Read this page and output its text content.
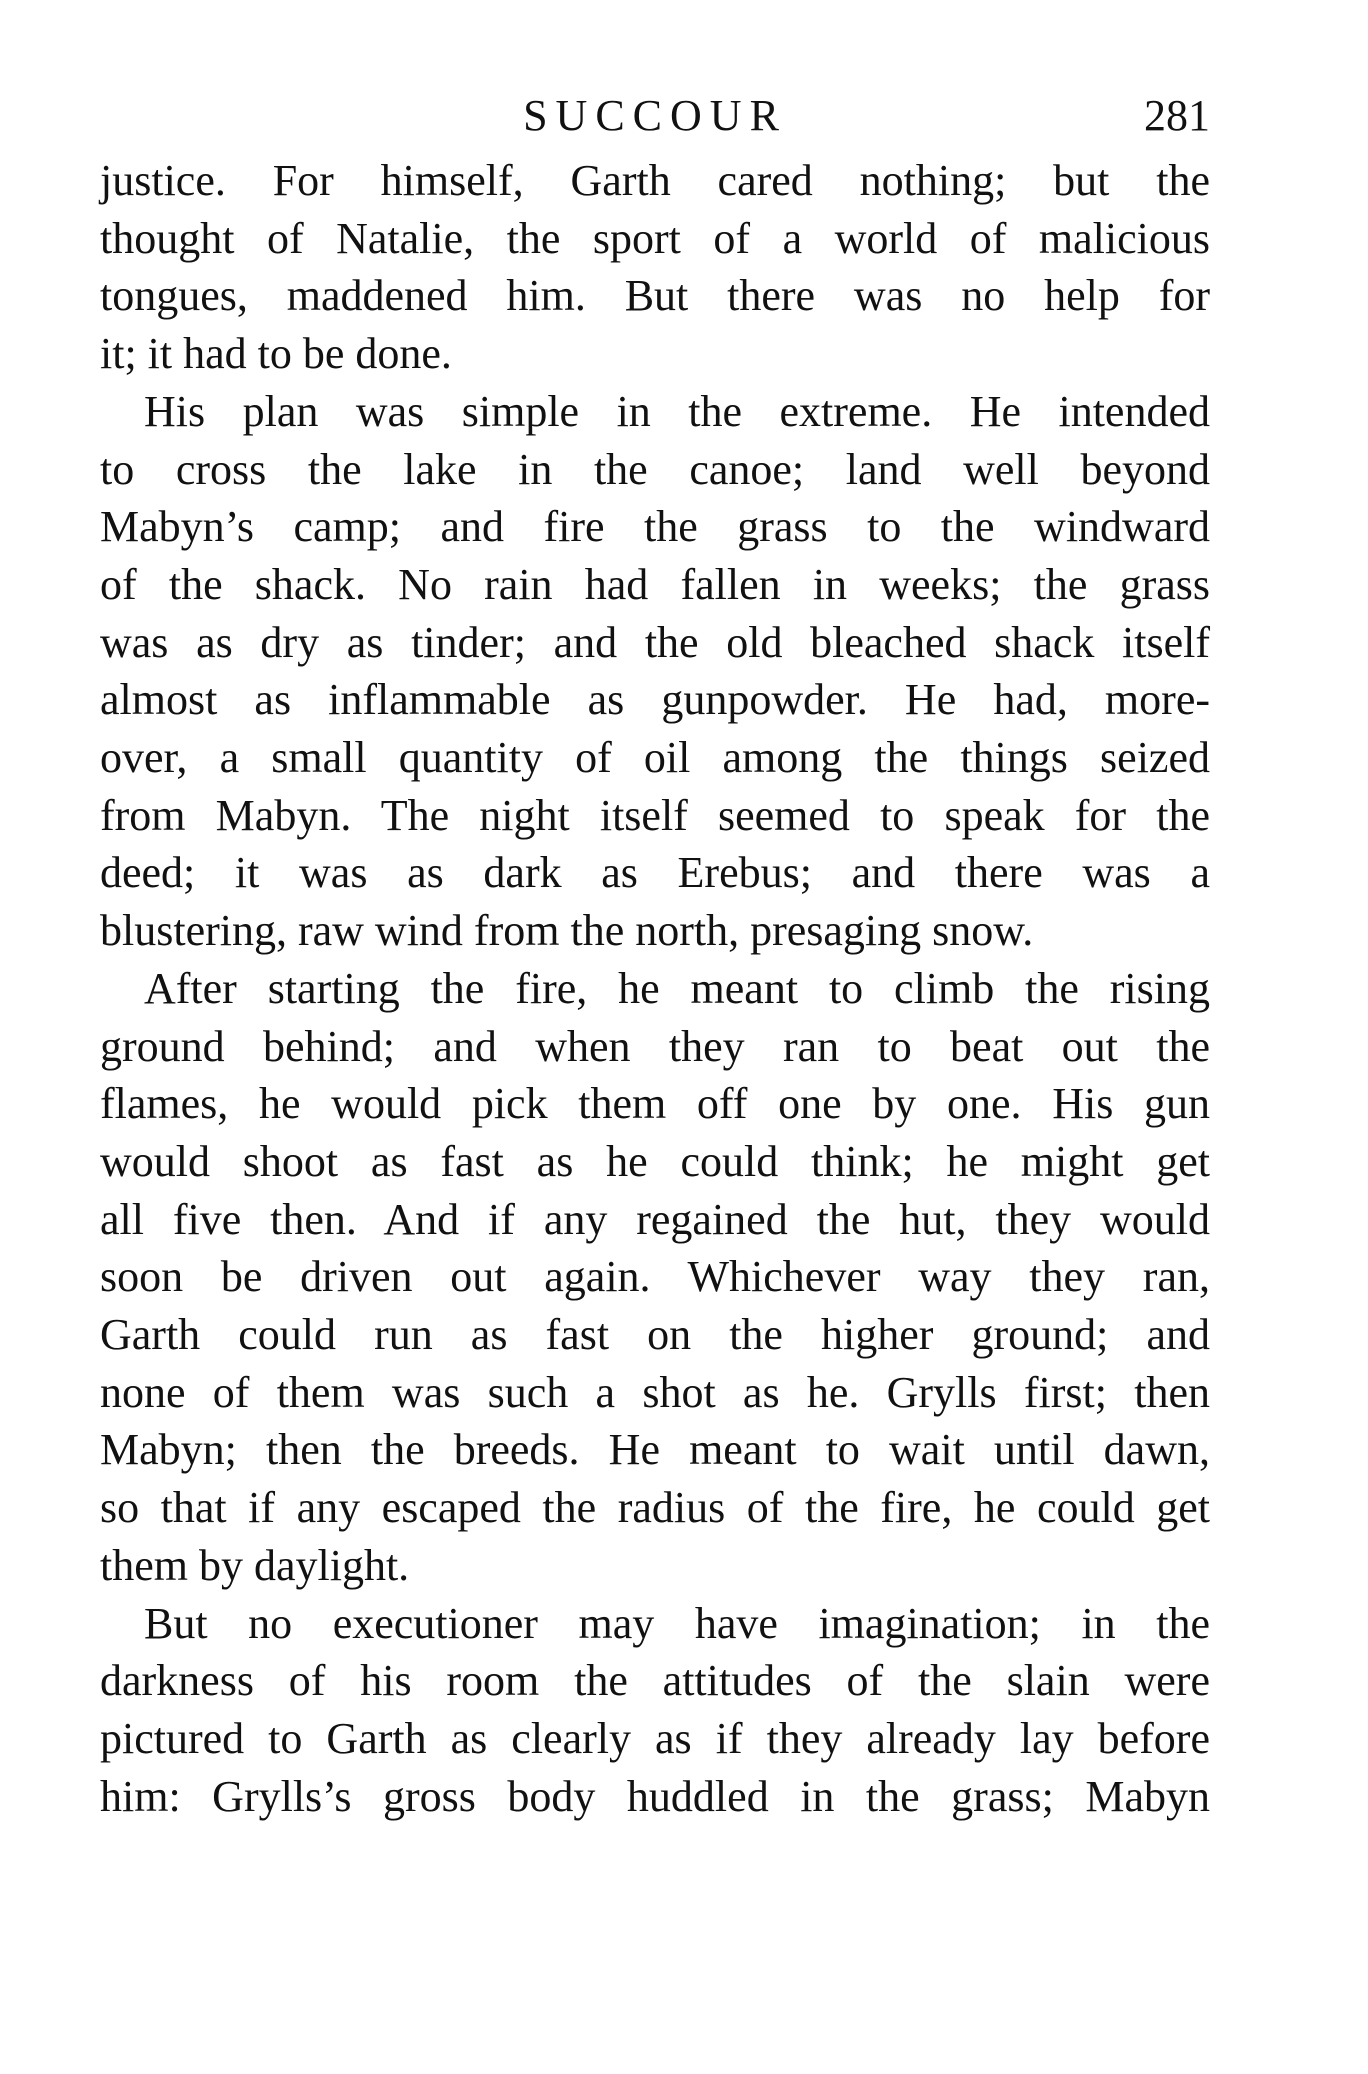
SUCCOUR	281
justice. For himself, Garth cared nothing; but the
thought of Natalie, the sport of a world of malicious
tongues, maddened him. But there was no help for
it; it had to be done.
His plan was simple in the extreme. He intended
to cross the lake in the canoe; land well beyond
Mabyn’s camp; and fire the grass to the windward
of the shack. No rain had fallen in weeks; the grass
was as dry as tinder; and the old bleached shack itself
almost as inflammable as gunpowder. He had, more-
over, a small quantity of oil among the things seized
from Mabyn. The night itself seemed to speak for the
deed; it was as dark as Erebus; and there was a
blustering, raw wind from the north, presaging snow.
After starting the fire, he meant to climb the rising
ground behind; and when they ran to beat out the
flames, he would pick them off one by one. His gun
would shoot as fast as he could think; he might get
all five then. And if any regained the hut, they would
soon be driven out again. Whichever way they ran,
Garth could run as fast on the higher ground; and
none of them was such a shot as he. Grylls first; then
Mabyn; then the breeds. He meant to wait until dawn,
so that if any escaped the radius of the fire, he could get
them by daylight.
But no executioner may have imagination; in the
darkness of his room the attitudes of the slain were
pictured to Garth as clearly as if they already lay before
him: Grylls’s gross body huddled in the grass; Mabyn
